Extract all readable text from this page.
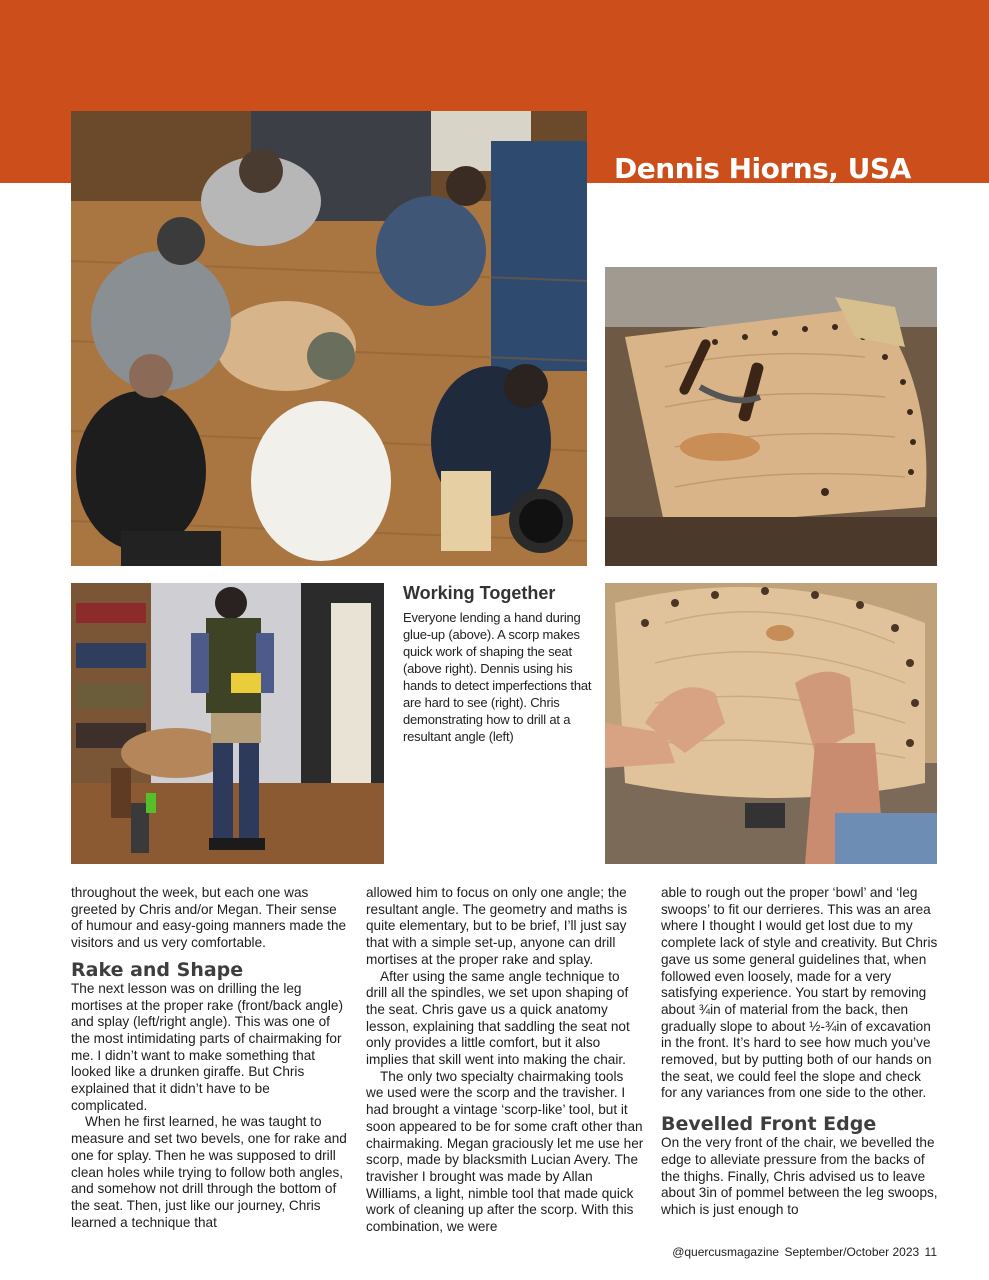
Dennis Hiorns, USA
Working Together

Everyone lending a hand during glue-up (above). A scorp makes quick work of shaping the seat (above right). Dennis using his hands to detect imperfections that are hard to see (right). Chris demonstrating how to drill at a resultant angle (left)

throughout the week, but each one was greeted by Chris and/or Megan. Their sense of humour and easy-going manners made the visitors and us very comfortable.

Rake and Shape

The next lesson was on drilling the leg mortises at the proper rake (front/back angle) and splay (left/right angle). This was one of the most intimidating parts of chairmaking for me. I didn’t want to make something that looked like a drunken giraffe. But Chris explained that it didn’t have to be complicated.

When he first learned, he was taught to measure and set two bevels, one for rake and one for splay. Then he was supposed to drill clean holes while trying to follow both angles, and somehow not drill through the bottom of the seat. Then, just like our journey, Chris learned a technique that

allowed him to focus on only one angle; the resultant angle. The geometry and maths is quite elementary, but to be brief, I’ll just say that with a simple set-up, anyone can drill mortises at the proper rake and splay.

After using the same angle technique to drill all the spindles, we set upon shaping of the seat. Chris gave us a quick anatomy lesson, explaining that saddling the seat not only provides a little comfort, but it also implies that skill went into making the chair.

The only two specialty chairmaking tools we used were the scorp and the travisher. I had brought a vintage ‘scorp-like’ tool, but it soon appeared to be for some craft other than chairmaking. Megan graciously let me use her scorp, made by blacksmith Lucian Avery. The travisher I brought was made by Allan Williams, a light, nimble tool that made quick work of cleaning up after the scorp. With this combination, we were

able to rough out the proper ‘bowl’ and ‘leg swoops’ to fit our derrieres. This was an area where I thought I would get lost due to my complete lack of style and creativity. But Chris gave us some general guidelines that, when followed even loosely, made for a very satisfying experience. You start by removing about ¾in of material from the back, then gradually slope to about ½-¾in of excavation in the front. It’s hard to see how much you’ve removed, but by putting both of our hands on the seat, we could feel the slope and check for any variances from one side to the other.

Bevelled Front Edge

On the very front of the chair, we bevelled the edge to alleviate pressure from the backs of the thighs. Finally, Chris advised us to leave about 3in of pommel between the leg swoops, which is just enough to

@quercusmagazine September/October 2023 11
